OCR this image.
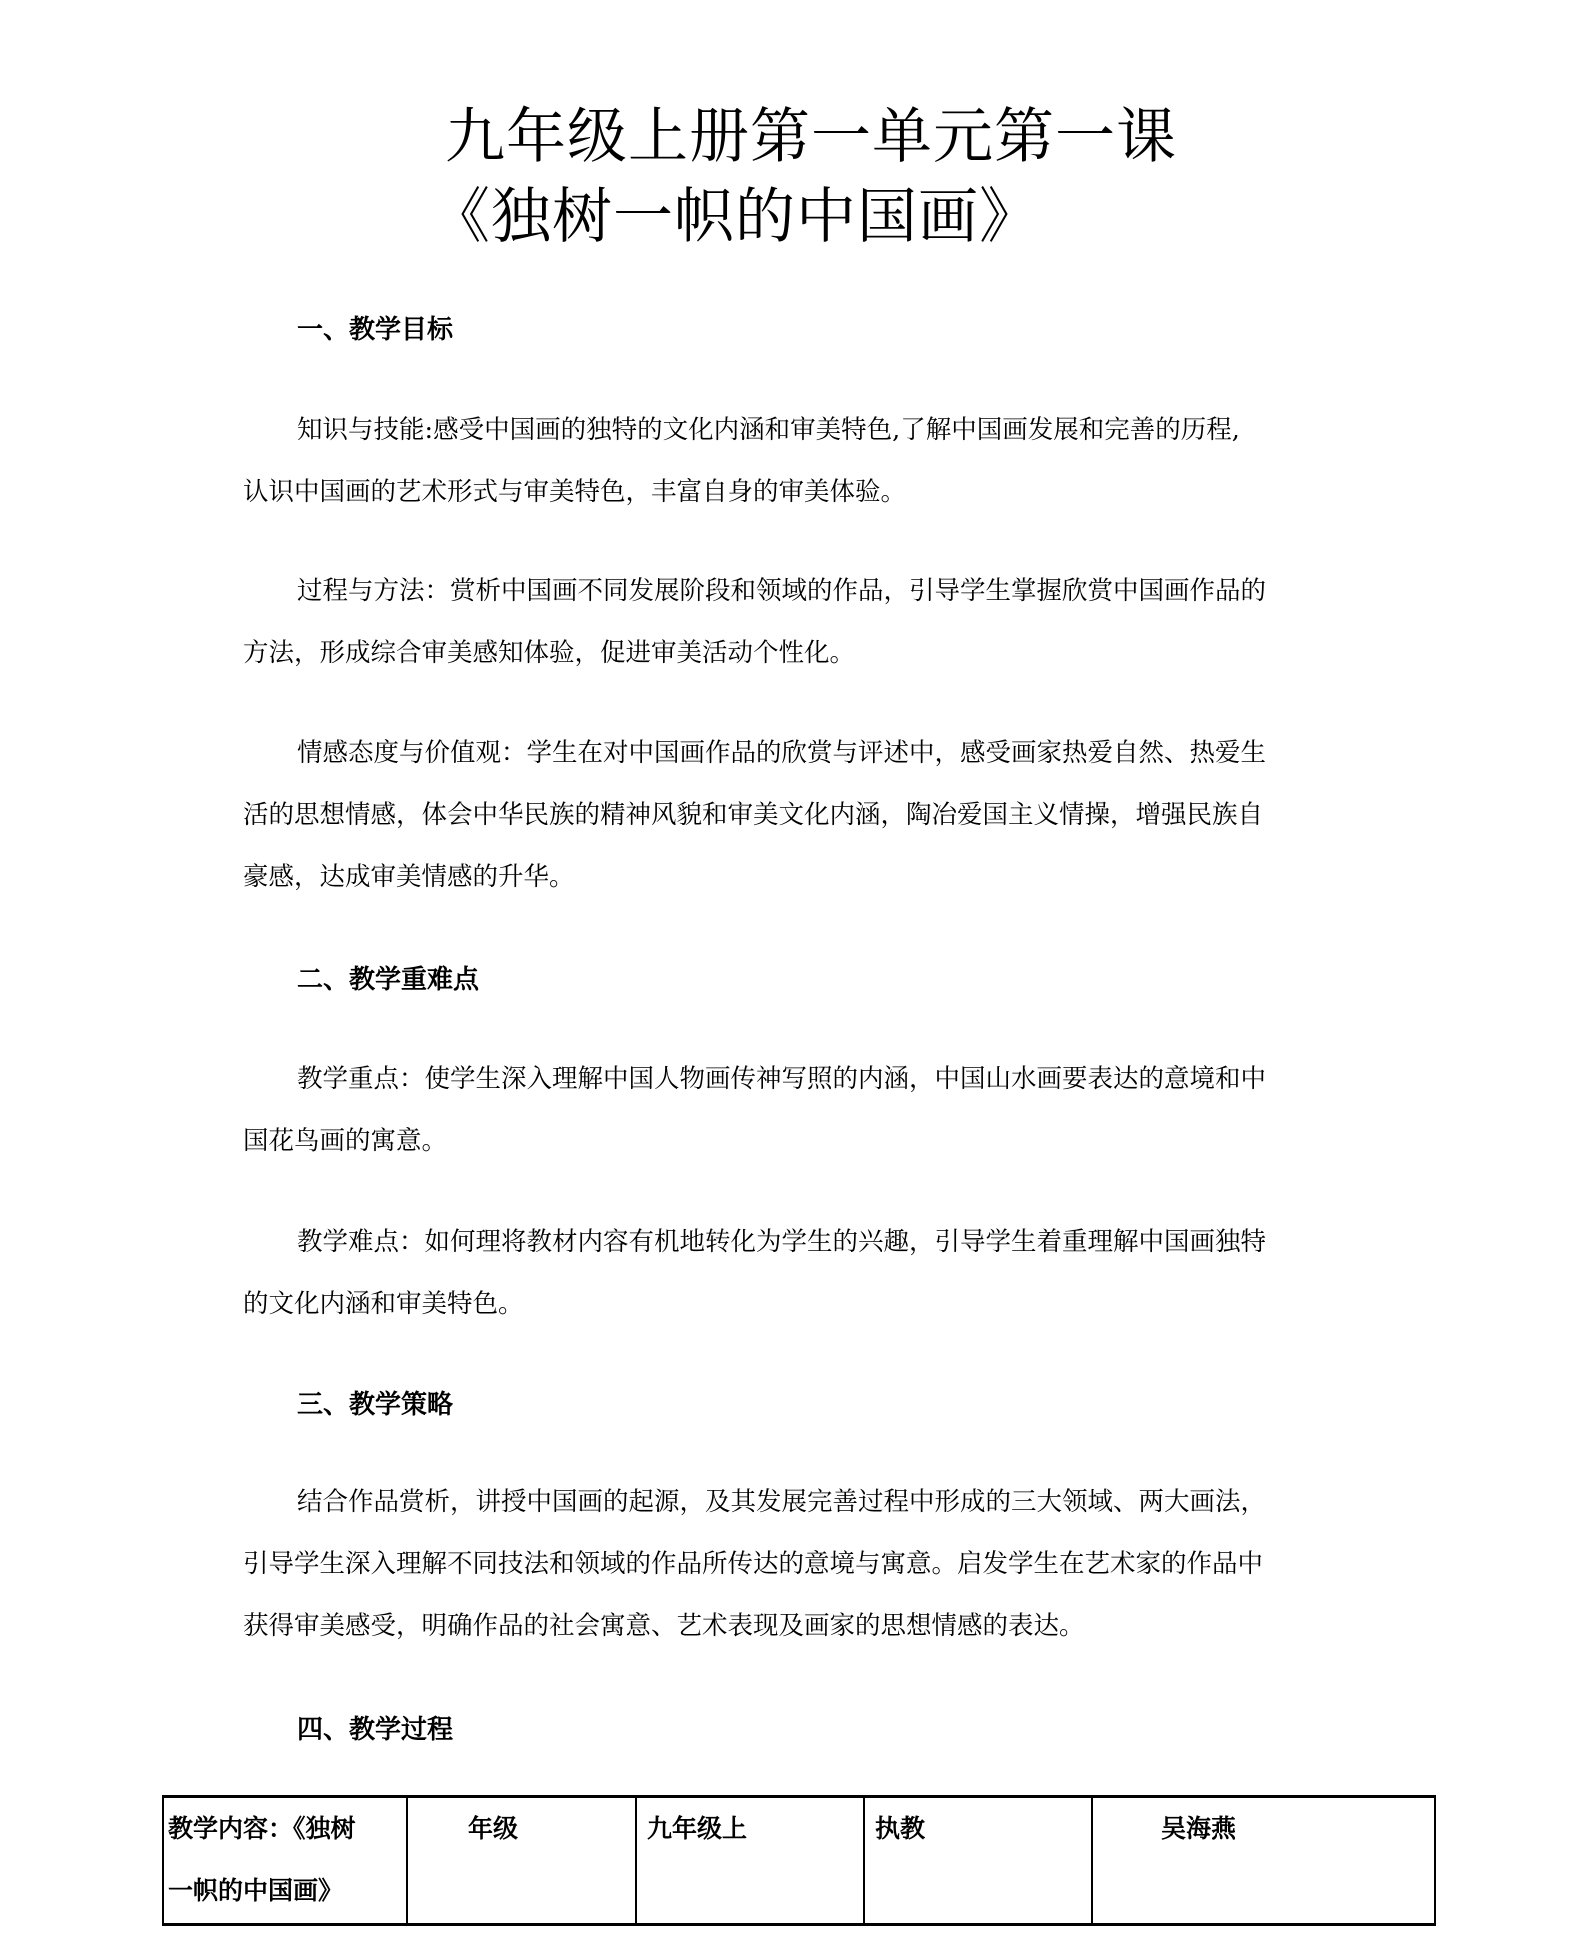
九年级上册第一单元第一课
《独树一帜的中国画》
一、教学目标
知识与技能:感受中国画的独特的文化内涵和审美特色,了解中国画发展和完善的历程,
认识中国画的艺术形式与审美特色，丰富自身的审美体验。
过程与方法：赏析中国画不同发展阶段和领域的作品，引导学生掌握欣赏中国画作品的
方法，形成综合审美感知体验，促进审美活动个性化。
情感态度与价值观：学生在对中国画作品的欣赏与评述中，感受画家热爱自然、热爱生
活的思想情感，体会中华民族的精神风貌和审美文化内涵，陶冶爱国主义情操，增强民族自
豪感，达成审美情感的升华。
二、教学重难点
教学重点：使学生深入理解中国人物画传神写照的内涵，中国山水画要表达的意境和中
国花鸟画的寓意。
教学难点：如何理将教材内容有机地转化为学生的兴趣，引导学生着重理解中国画独特
的文化内涵和审美特色。
三、教学策略
结合作品赏析，讲授中国画的起源，及其发展完善过程中形成的三大领域、两大画法，
引导学生深入理解不同技法和领域的作品所传达的意境与寓意。启发学生在艺术家的作品中
获得审美感受，明确作品的社会寓意、艺术表现及画家的思想情感的表达。
四、教学过程
教学内容：《独树
一帜的中国画》
	年级	九年级上	执教	吴海燕
